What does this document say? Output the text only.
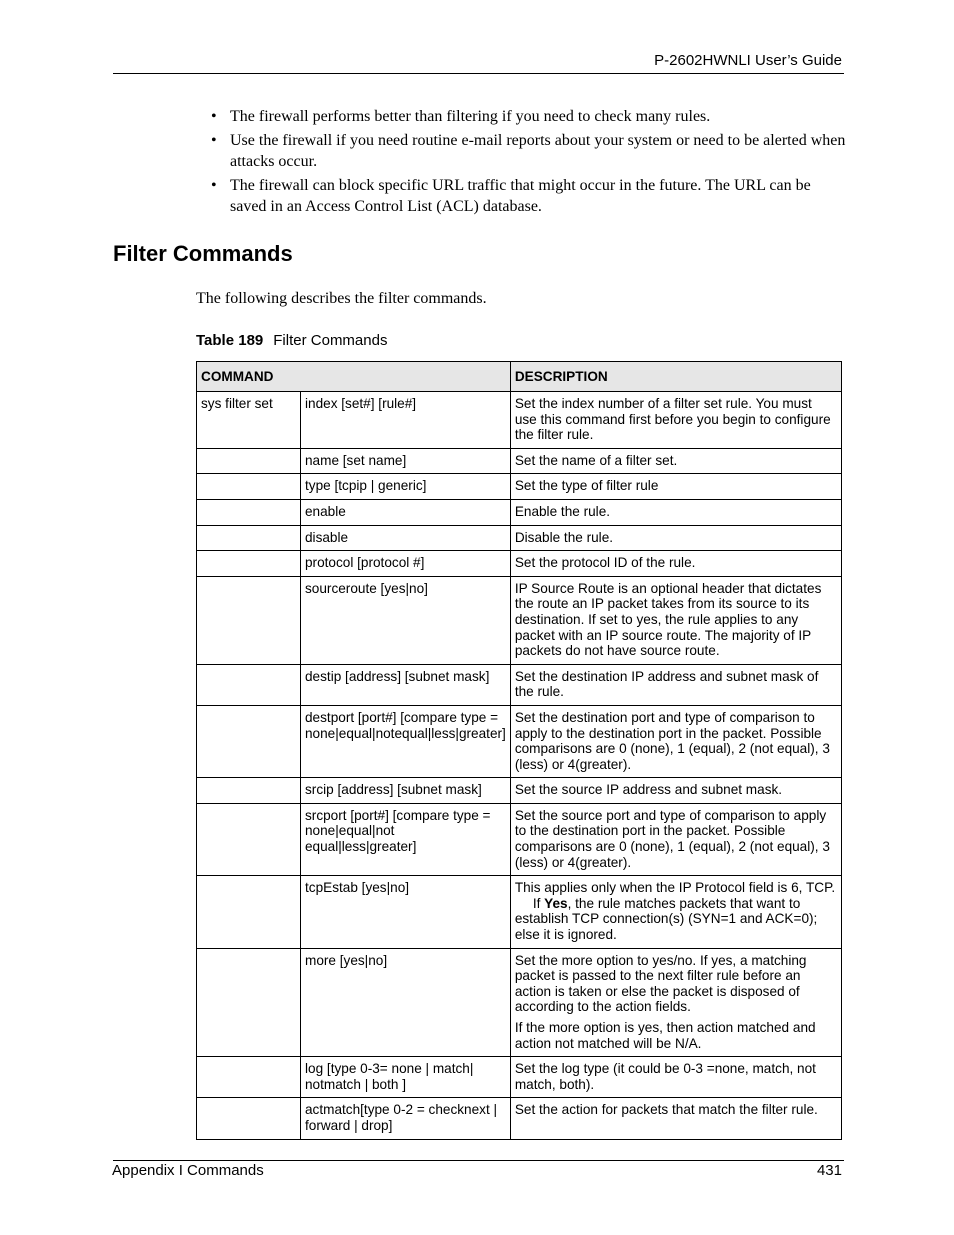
P-2602HWNLI User’s Guide
• The firewall performs better than filtering if you need to check many rules.
• Use the firewall if you need routine e-mail reports about your system or need to be alerted when attacks occur.
• The firewall can block specific URL traffic that might occur in the future. The URL can be saved in an Access Control List (ACL) database.
Filter Commands
The following describes the filter commands.
Table 189 Filter Commands
COMMAND		DESCRIPTION
sys filter set	index [set#] [rule#]	Set the index number of a filter set rule. You must use this command first before you begin to configure the filter rule.
	name [set name]	Set the name of a filter set.
	type [tcpip | generic]	Set the type of filter rule
	enable	Enable the rule.
	disable	Disable the rule.
	protocol [protocol #]	Set the protocol ID of the rule.
	sourceroute [yes|no]	IP Source Route is an optional header that dictates the route an IP packet takes from its source to its destination. If set to yes, the rule applies to any packet with an IP source route. The majority of IP packets do not have source route.
	destip [address] [subnet mask]	Set the destination IP address and subnet mask of the rule.
	destport [port#] [compare type = none|equal|notequal|less|greater]	Set the destination port and type of comparison to apply to the destination port in the packet. Possible comparisons are 0 (none), 1 (equal), 2 (not equal), 3 (less) or 4(greater).
	srcip [address] [subnet mask]	Set the source IP address and subnet mask.
	srcport [port#] [compare type = none|equal|not equal|less|greater]	Set the source port and type of comparison to apply to the destination port in the packet. Possible comparisons are 0 (none), 1 (equal), 2 (not equal), 3 (less) or 4(greater).
	tcpEstab [yes|no]	This applies only when the IP Protocol field is 6, TCP.If Yes, the rule matches packets that want to establish TCP connection(s) (SYN=1 and ACK=0); else it is ignored.
	more [yes|no]	Set the more option to yes/no. If yes, a matching packet is passed to the next filter rule before an action is taken or else the packet is disposed of according to the action fields.
If the more option is yes, then action matched and action not matched will be N/A.

	log [type 0-3= none | match| notmatch | both ]	Set the log type (it could be 0-3 =none, match, not match, both).
	actmatch[type 0-2 = checknext | forward | drop]	Set the action for packets that match the filter rule.
Appendix I Commands	431
